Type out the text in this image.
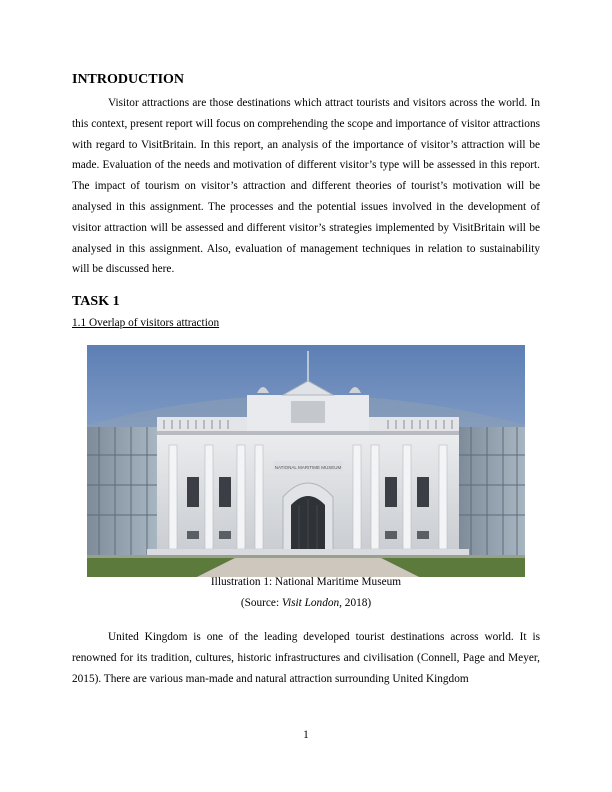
INTRODUCTION

Visitor attractions are those destinations which attract tourists and visitors across the world. In this context, present report will focus on comprehending the scope and importance of visitor attractions with regard to VisitBritain. In this report, an analysis of the importance of visitor’s attraction will be made. Evaluation of the needs and motivation of different visitor’s type will be assessed in this report. The impact of tourism on visitor’s attraction and different theories of tourist’s motivation will be analysed in this assignment. The processes and the potential issues involved in the development of visitor attraction will be assessed and different visitor’s strategies implemented by VisitBritain will be analysed in this assignment. Also, evaluation of management techniques in relation to sustainability will be discussed here.

TASK 1

1.1 Overlap of visitors attraction

NATIONAL MARITIME MUSEUM

Illustration 1: National Maritime Museum

(Source: Visit London, 2018)

United Kingdom is one of the leading developed tourist destinations across world. It is renowned for its tradition, cultures, historic infrastructures and civilisation (Connell, Page and Meyer, 2015). There are various man-made and natural attraction surrounding United Kingdom

1
